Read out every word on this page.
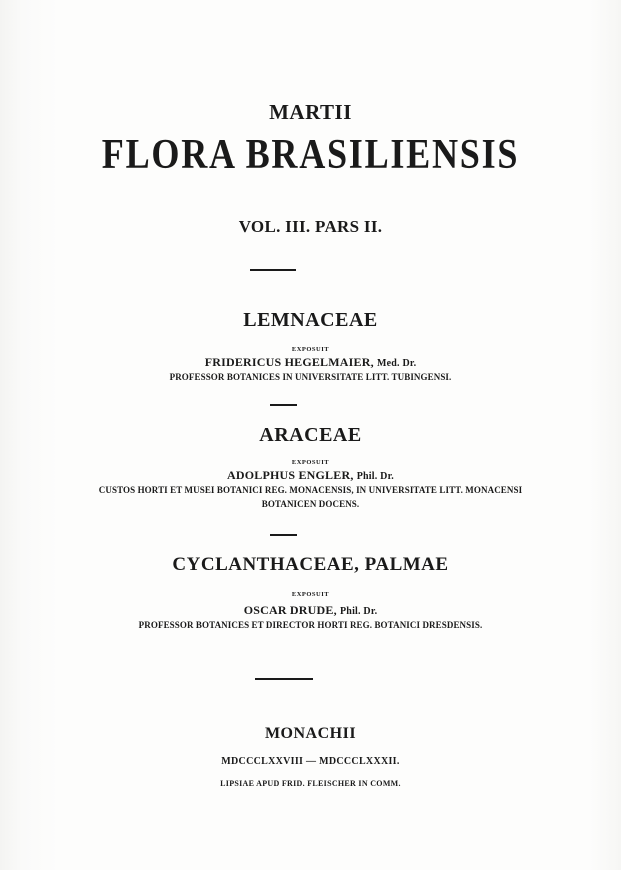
MARTII
FLORA BRASILIENSIS
VOL. III. PARS II.
LEMNACEAE
EXPOSUIT
FRIDERICUS HEGELMAIER, Med. Dr.
PROFESSOR BOTANICES IN UNIVERSITATE LITT. TUBINGENSI.
ARACEAE
EXPOSUIT
ADOLPHUS ENGLER, Phil. Dr.
CUSTOS HORTI ET MUSEI BOTANICI REG. MONACENSIS, IN UNIVERSITATE LITT. MONACENSI
BOTANICEN DOCENS.
CYCLANTHACEAE, PALMAE
EXPOSUIT
OSCAR DRUDE, Phil. Dr.
PROFESSOR BOTANICES ET DIRECTOR HORTI REG. BOTANICI DRESDENSIS.
MONACHII
MDCCCLXXVIII — MDCCCLXXXII.
LIPSIAE APUD FRID. FLEISCHER IN COMM.
